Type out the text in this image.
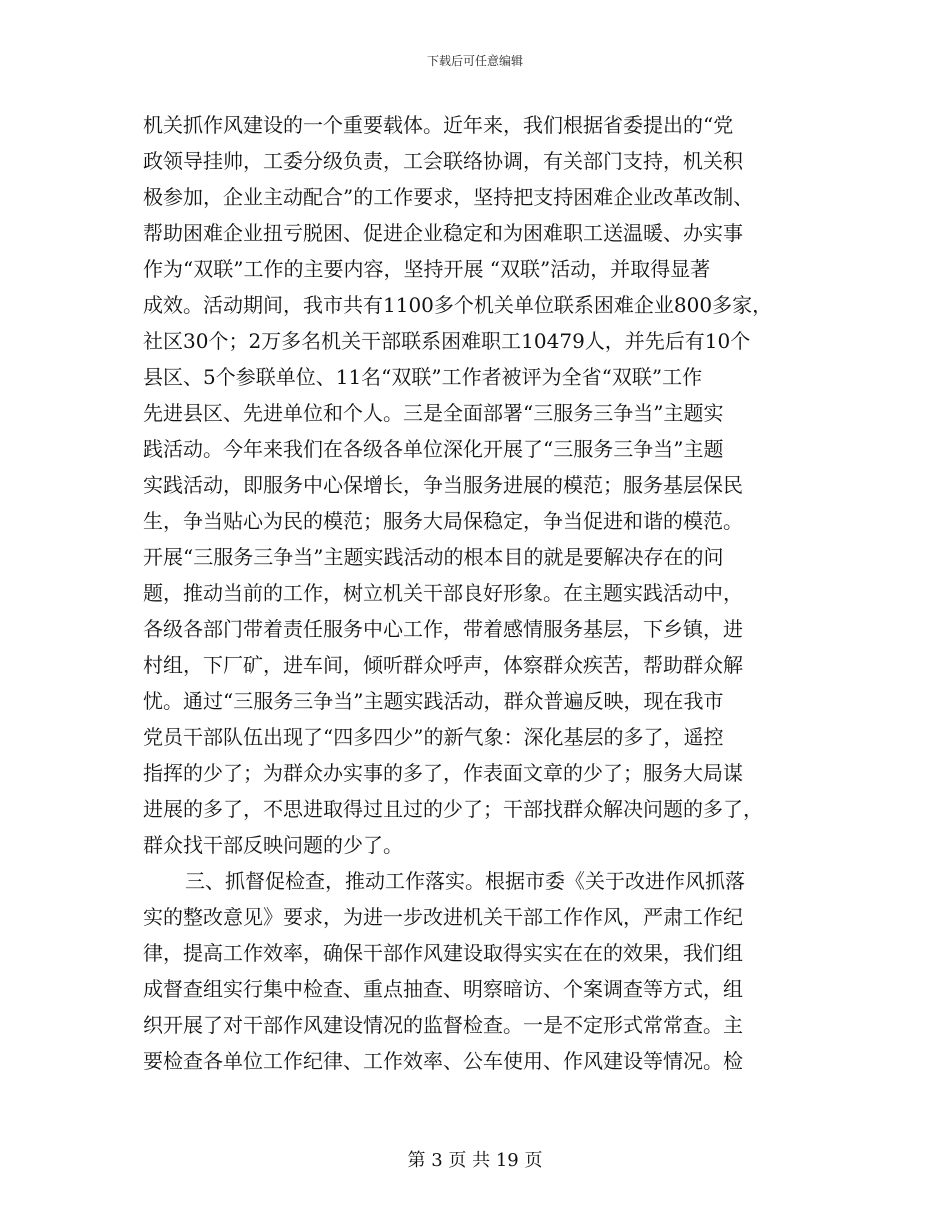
下载后可任意编辑
机关抓作风建设的一个重要载体。近年来，我们根据省委提出的“党
政领导挂帅，工委分级负责，工会联络协调，有关部门支持，机关积
极参加，企业主动配合”的工作要求，坚持把支持困难企业改革改制、
帮助困难企业扭亏脱困、促进企业稳定和为困难职工送温暖、办实事
作为“双联”工作的主要内容，坚持开展 “双联”活动，并取得显著
成效。活动期间，我市共有1100多个机关单位联系困难企业800多家，
社区30个；2万多名机关干部联系困难职工10479人，并先后有10个
县区、5个参联单位、11名“双联”工作者被评为全省“双联”工作
先进县区、先进单位和个人。三是全面部署“三服务三争当”主题实
践活动。今年来我们在各级各单位深化开展了“三服务三争当”主题
实践活动，即服务中心保增长，争当服务进展的模范；服务基层保民
生，争当贴心为民的模范；服务大局保稳定，争当促进和谐的模范。
开展“三服务三争当”主题实践活动的根本目的就是要解决存在的问
题，推动当前的工作，树立机关干部良好形象。在主题实践活动中，
各级各部门带着责任服务中心工作，带着感情服务基层，下乡镇，进
村组，下厂矿，进车间，倾听群众呼声，体察群众疾苦，帮助群众解
忧。通过“三服务三争当”主题实践活动，群众普遍反映，现在我市
党员干部队伍出现了“四多四少”的新气象：深化基层的多了，遥控
指挥的少了；为群众办实事的多了，作表面文章的少了；服务大局谋
进展的多了，不思进取得过且过的少了；干部找群众解决问题的多了，
群众找干部反映问题的少了。
三、抓督促检查，推动工作落实。根据市委《关于改进作风抓落
实的整改意见》要求，为进一步改进机关干部工作作风，严肃工作纪
律，提高工作效率，确保干部作风建设取得实实在在的效果，我们组
成督查组实行集中检查、重点抽查、明察暗访、个案调查等方式，组
织开展了对干部作风建设情况的监督检查。一是不定形式常常查。主
要检查各单位工作纪律、工作效率、公车使用、作风建设等情况。检
第 3 页 共 19 页
